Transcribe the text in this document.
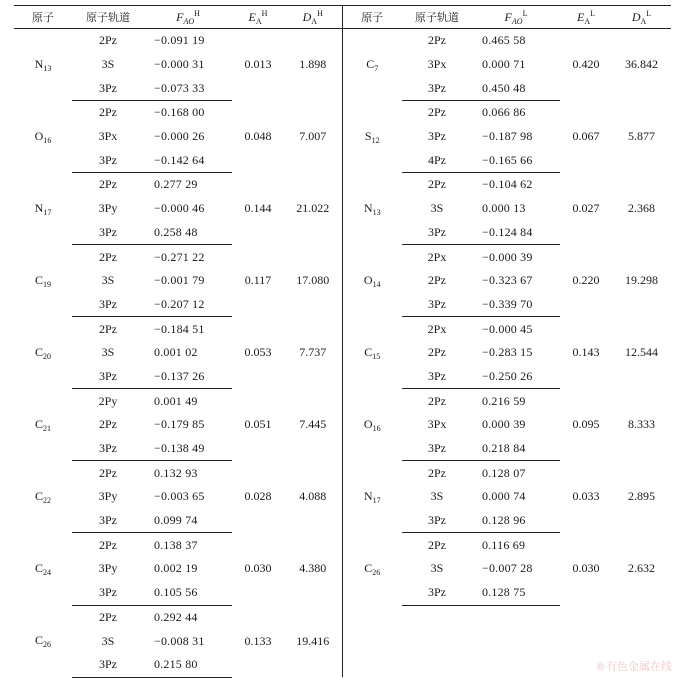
原子	原子轨道	$F_{AO}^H$	$E_A^H$	$D_A^H$	原子	原子轨道	$F_{AO}^L$	$E_A^L$	$D_A^L$
$N_{13}$	2Pz	−0.091 19	0.013	1.898	$C_7$	2Pz	0.465 58	0.420	36.842
	3S	−0.000 31				3Px	0.000 71		
	3Pz	−0.073 33				3Pz	0.450 48		
$O_{16}$	2Pz	−0.168 00	0.048	7.007	$S_{12}$	2Pz	0.066 86	0.067	5.877
	3Px	−0.000 26				3Pz	−0.187 98		
	3Pz	−0.142 64				4Pz	−0.165 66		
$N_{17}$	2Pz	0.277 29	0.144	21.022	$N_{13}$	2Pz	−0.104 62	0.027	2.368
	3Py	−0.000 46				3S	0.000 13		
	3Pz	0.258 48				3Pz	−0.124 84		
$C_{19}$	2Pz	−0.271 22	0.117	17.080	$O_{14}$	2Px	−0.000 39	0.220	19.298
	3S	−0.001 79				2Pz	−0.323 67		
	3Pz	−0.207 12				3Pz	−0.339 70		
$C_{20}$	2Pz	−0.184 51	0.053	7.737	$C_{15}$	2Px	−0.000 45	0.143	12.544
	3S	0.001 02				2Pz	−0.283 15		
	3Pz	−0.137 26				3Pz	−0.250 26		
$C_{21}$	2Py	0.001 49	0.051	7.445	$O_{16}$	2Pz	0.216 59	0.095	8.333
	2Pz	−0.179 85				3Px	0.000 39		
	3Pz	−0.138 49				3Pz	0.218 84		
$C_{22}$	2Pz	0.132 93	0.028	4.088	$N_{17}$	2Pz	0.128 07	0.033	2.895
	3Py	−0.003 65				3S	0.000 74		
	3Pz	0.099 74				3Pz	0.128 96		
$C_{24}$	2Pz	0.138 37	0.030	4.380	$C_{26}$	2Pz	0.116 69	0.030	2.632
	3Py	0.002 19				3S	−0.007 28		
	3Pz	0.105 56				3Pz	0.128 75		
$C_{26}$	2Pz	0.292 44	0.133	19.416					
	3S	−0.008 31							
	3Pz	0.215 80								®有色金属在线
